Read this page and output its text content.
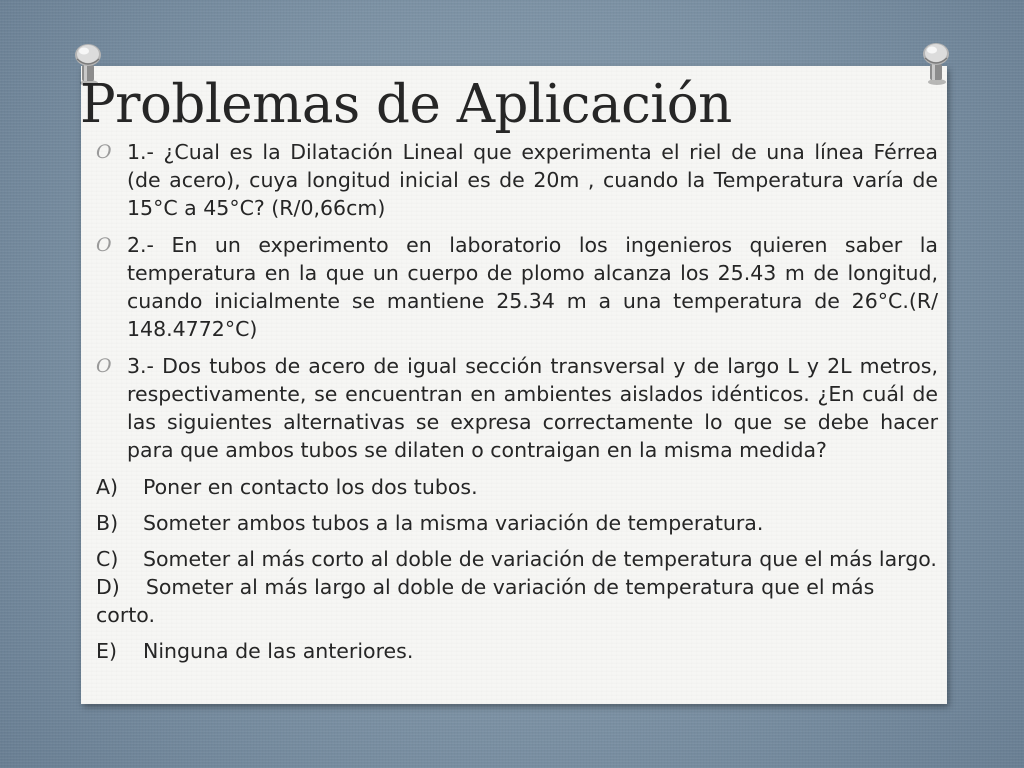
Problemas de Aplicación
O 1.- ¿Cual es la Dilatación Lineal que experimenta el riel de una línea Férrea (de acero), cuya longitud inicial es de 20m , cuando la Temperatura varía de 15°C a 45°C? (R/0,66cm)
O 2.- En un experimento en laboratorio los ingenieros quieren saber la temperatura en la que un cuerpo de plomo alcanza los 25.43 m de longitud, cuando inicialmente se mantiene 25.34 m a una temperatura de 26°C.(R/ 148.4772°C)
O 3.- Dos tubos de acero de igual sección transversal y de largo L y 2L metros, respectivamente, se encuentran en ambientes aislados idénticos. ¿En cuál de las siguientes alternativas se expresa correctamente lo que se debe hacer para que ambos tubos se dilaten o contraigan en la misma medida?

A) Poner en contacto los dos tubos.

B) Someter ambos tubos a la misma variación de temperatura.

C) Someter al más corto al doble de variación de temperatura que el más largo. D)    Someter al más largo al doble de variación de temperatura que el más corto.

E) Ninguna de las anteriores.
